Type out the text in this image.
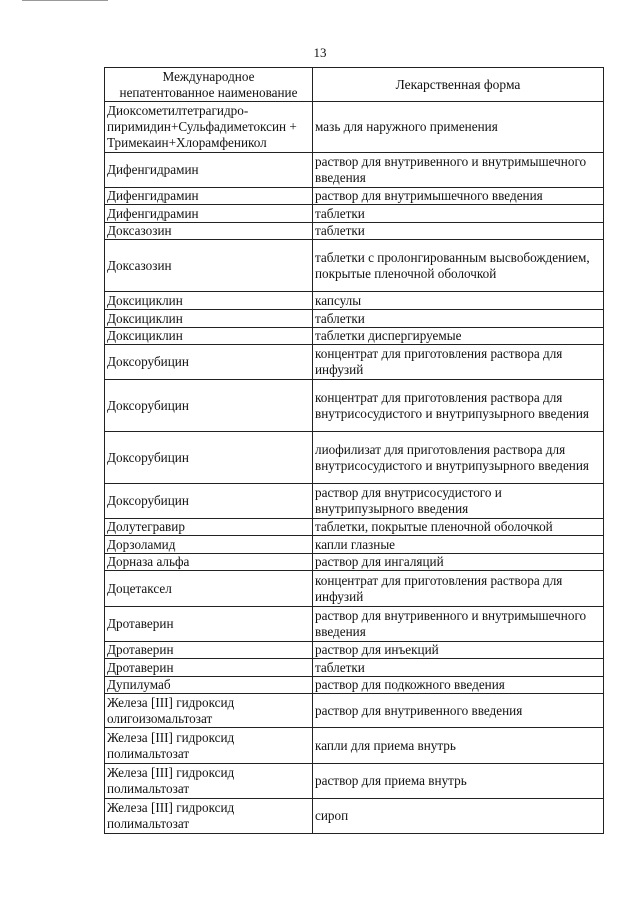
13
Международное
непатентованное наименование	Лекарственная форма
Диоксометилтетрагидро-пиримидин+Сульфадиметоксин + Тримекаин+Хлорамфеникол	мазь для наружного применения
Дифенгидрамин	раствор для внутривенного и внутримышечного введения
Дифенгидрамин	раствор для внутримышечного введения
Дифенгидрамин	таблетки
Доксазозин	таблетки
Доксазозин	таблетки с пролонгированным высвобождением, покрытые пленочной оболочкой
Доксициклин	капсулы
Доксициклин	таблетки
Доксициклин	таблетки диспергируемые
Доксорубицин	концентрат для приготовления раствора для инфузий
Доксорубицин	концентрат для приготовления раствора для внутрисосудистого и внутрипузырного введения
Доксорубицин	лиофилизат для приготовления раствора для внутрисосудистого и внутрипузырного введения
Доксорубицин	раствор для внутрисосудистого и внутрипузырного введения
Долутегравир	таблетки, покрытые пленочной оболочкой
Дорзоламид	капли глазные
Дорназа альфа	раствор для ингаляций
Доцетаксел	концентрат для приготовления раствора для инфузий
Дротаверин	раствор для внутривенного и внутримышечного введения
Дротаверин	раствор для инъекций
Дротаверин	таблетки
Дупилумаб	раствор для подкожного введения
Железа [III] гидроксид олигоизомальтозат	раствор для внутривенного введения
Железа [III] гидроксид полимальтозат	капли для приема внутрь
Железа [III] гидроксид полимальтозат	раствор для приема внутрь
Железа [III] гидроксид полимальтозат	сироп
